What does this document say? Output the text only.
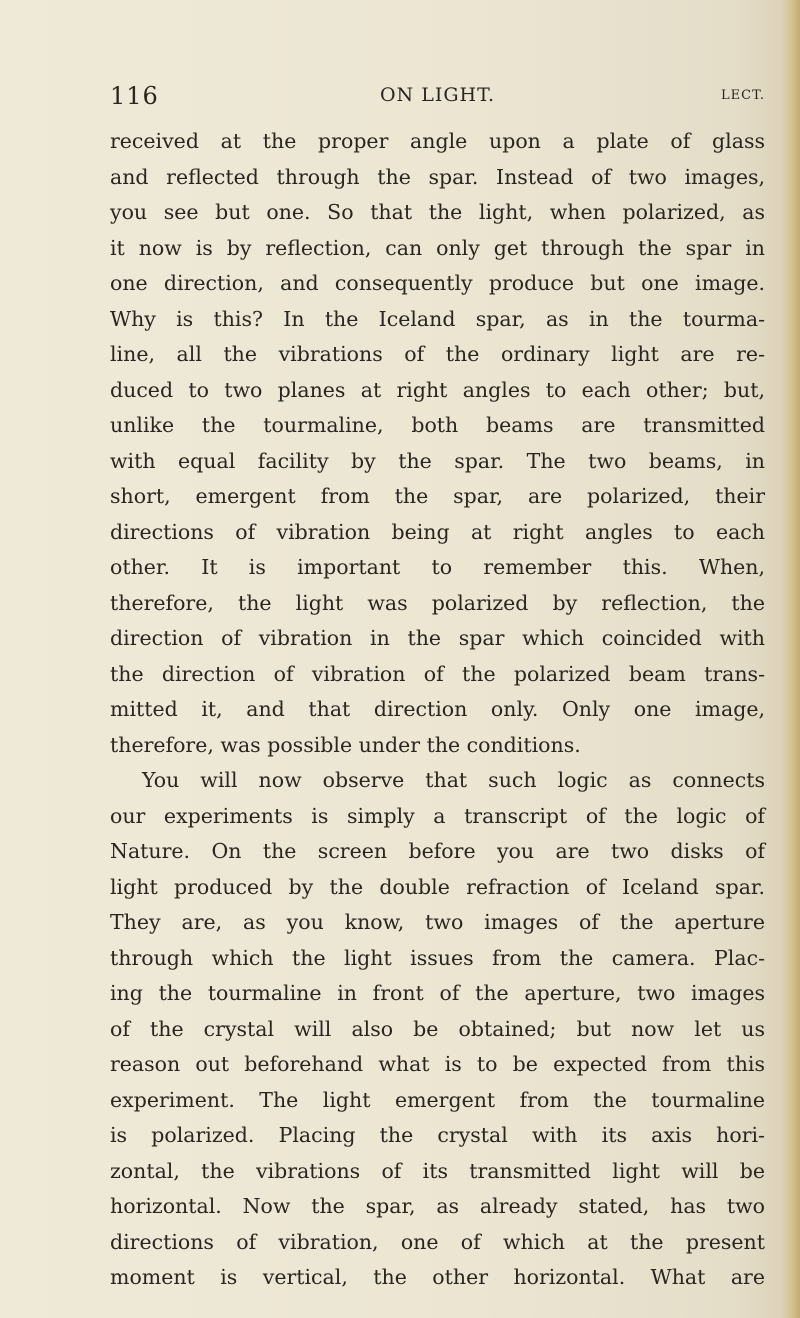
116	ON LIGHT.	LECT.
received at the proper angle upon a plate of glass
and reflected through the spar. Instead of two images,
you see but one. So that the light, when polarized, as
it now is by reflection, can only get through the spar in
one direction, and consequently produce but one image.
Why is this? In the Iceland spar, as in the tourma-
line, all the vibrations of the ordinary light are re-
duced to two planes at right angles to each other; but,
unlike the tourmaline, both beams are transmitted
with equal facility by the spar. The two beams, in
short, emergent from the spar, are polarized, their
directions of vibration being at right angles to each
other. It is important to remember this. When,
therefore, the light was polarized by reflection, the
direction of vibration in the spar which coincided with
the direction of vibration of the polarized beam trans-
mitted it, and that direction only. Only one image,
therefore, was possible under the conditions.
You will now observe that such logic as connects
our experiments is simply a transcript of the logic of
Nature. On the screen before you are two disks of
light produced by the double refraction of Iceland spar.
They are, as you know, two images of the aperture
through which the light issues from the camera. Plac-
ing the tourmaline in front of the aperture, two images
of the crystal will also be obtained; but now let us
reason out beforehand what is to be expected from this
experiment. The light emergent from the tourmaline
is polarized. Placing the crystal with its axis hori-
zontal, the vibrations of its transmitted light will be
horizontal. Now the spar, as already stated, has two
directions of vibration, one of which at the present
moment is vertical, the other horizontal. What are
